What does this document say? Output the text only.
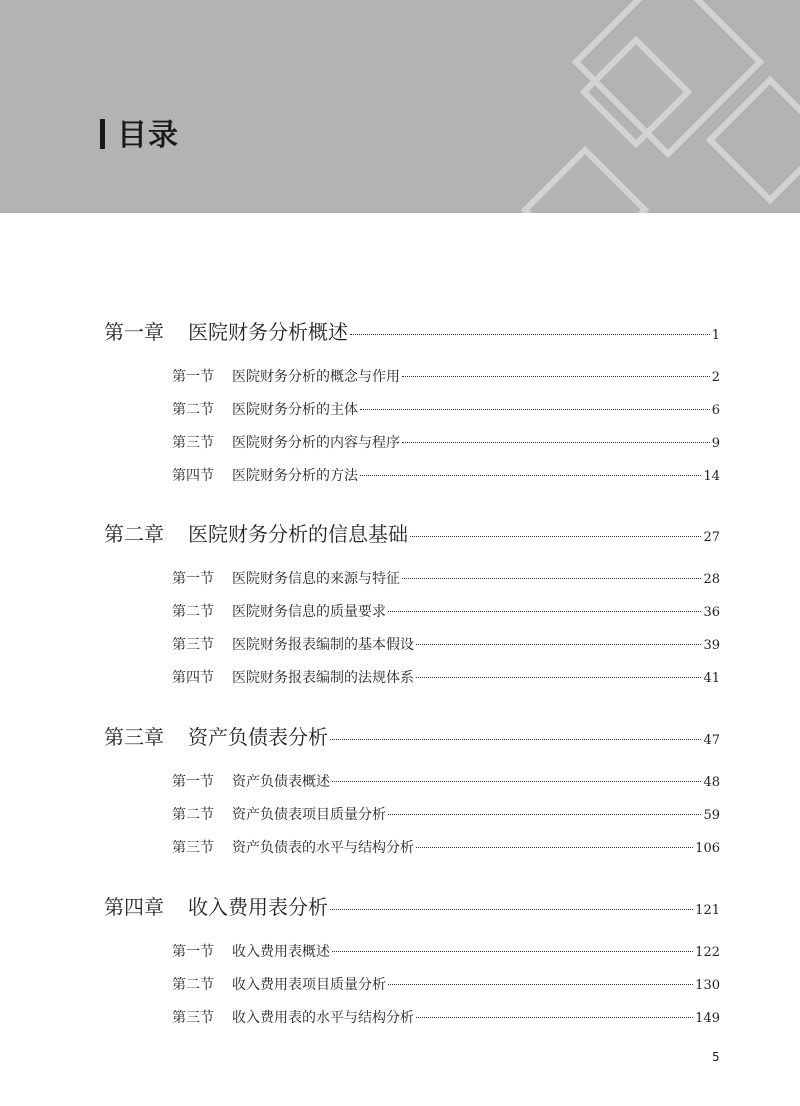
目录
第一章	医院财务分析概述	1
第一节	医院财务分析的概念与作用	2
第二节	医院财务分析的主体	6
第三节	医院财务分析的内容与程序	9
第四节	医院财务分析的方法	14
第二章	医院财务分析的信息基础	27
第一节	医院财务信息的来源与特征	28
第二节	医院财务信息的质量要求	36
第三节	医院财务报表编制的基本假设	39
第四节	医院财务报表编制的法规体系	41
第三章	资产负债表分析	47
第一节	资产负债表概述	48
第二节	资产负债表项目质量分析	59
第三节	资产负债表的水平与结构分析	106
第四章	收入费用表分析	121
第一节	收入费用表概述	122
第二节	收入费用表项目质量分析	130
第三节	收入费用表的水平与结构分析	149
5
